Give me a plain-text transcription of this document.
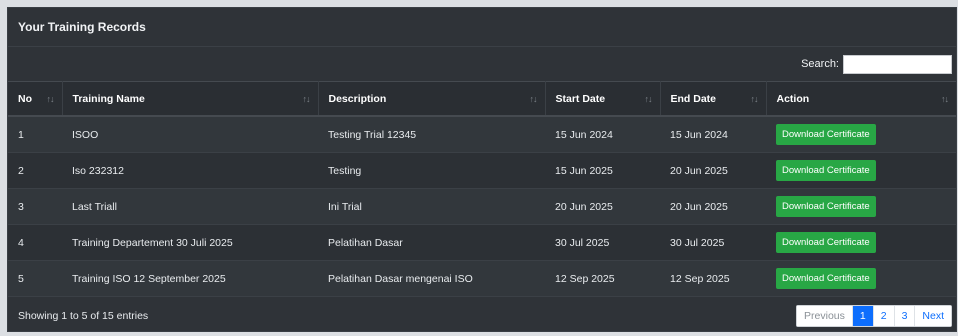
Your Training Records
Search:
No ↑↓	Training Name ↑↓	Description ↑↓	Start Date ↑↓	End Date ↑↓	Action ↑↓

1	ISOO	Testing Trial 12345	15 Jun 2024	15 Jun 2024	Download Certificate
2	Iso 232312	Testing	15 Jun 2025	20 Jun 2025	Download Certificate
3	Last Triall	Ini Trial	20 Jun 2025	20 Jun 2025	Download Certificate
4	Training Departement 30 Juli 2025	Pelatihan Dasar	30 Jul 2025	30 Jul 2025	Download Certificate
5	Training ISO 12 September 2025	Pelatihan Dasar mengenai ISO	12 Sep 2025	12 Sep 2025	Download Certificate
Showing 1 to 5 of 15 entries	Previous	1	2	3	Next
